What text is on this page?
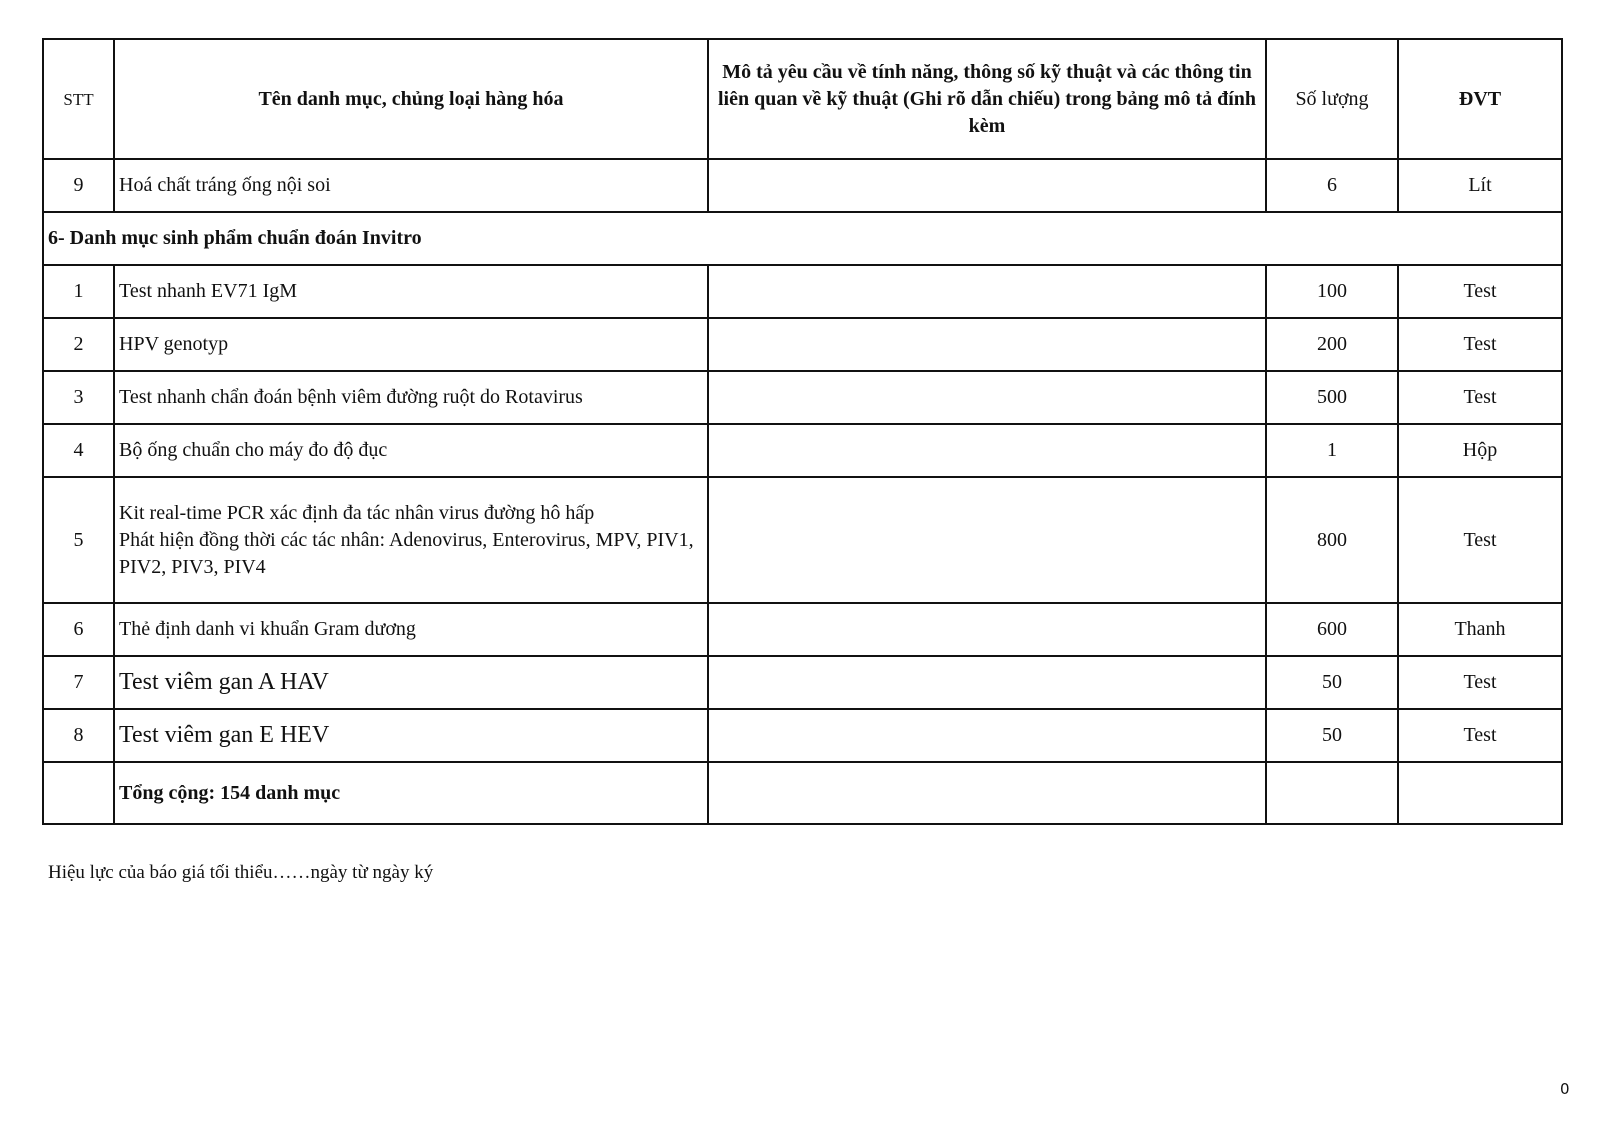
STT	Tên danh mục, chủng loại hàng hóa	Mô tả yêu cầu về tính năng, thông số kỹ thuật và các thông tin liên quan về kỹ thuật (Ghi rõ dẫn chiếu) trong bảng mô tả đính kèm	Số lượng	ĐVT
9	Hoá chất tráng ống nội soi		6	Lít
6- Danh mục sinh phẩm chuẩn đoán Invitro				
1	Test nhanh EV71 IgM		100	Test
2	HPV genotyp		200	Test
3	Test nhanh chẩn đoán bệnh viêm đường ruột do Rotavirus		500	Test
4	Bộ ống chuẩn cho máy đo độ đục		1	Hộp
5	Kit real-time PCR xác định đa tác nhân virus đường hô hấp
Phát hiện đồng thời các tác nhân: Adenovirus, Enterovirus, MPV, PIV1, PIV2, PIV3, PIV4		800	Test
6	Thẻ định danh vi khuẩn Gram dương		600	Thanh
7	Test viêm gan A HAV		50	Test
8	Test viêm gan E HEV		50	Test
	Tổng cộng: 154 danh mục			
Hiệu lực của báo giá tối thiểu……ngày từ ngày ký
0
